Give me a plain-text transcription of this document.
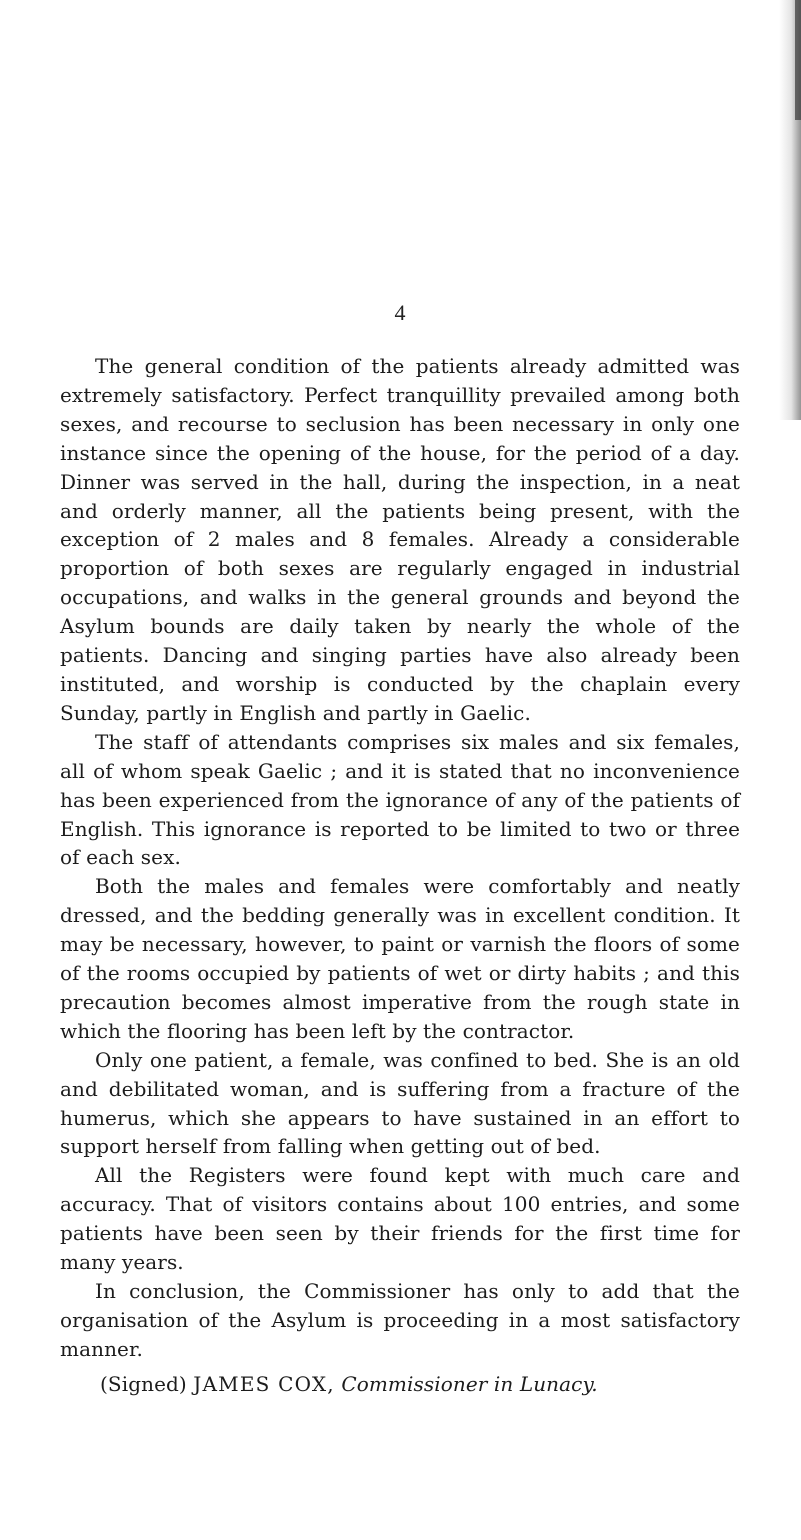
4

The general condition of the patients already admitted was extremely satisfactory. Perfect tranquillity prevailed among both sexes, and recourse to seclusion has been necessary in only one instance since the opening of the house, for the period of a day. Dinner was served in the hall, during the inspection, in a neat and orderly manner, all the patients being present, with the exception of 2 males and 8 females. Already a considerable proportion of both sexes are regularly engaged in industrial occupations, and walks in the general grounds and beyond the Asylum bounds are daily taken by nearly the whole of the patients. Dancing and singing parties have also already been instituted, and worship is conducted by the chaplain every Sunday, partly in English and partly in Gaelic.

The staff of attendants comprises six males and six females, all of whom speak Gaelic ; and it is stated that no inconvenience has been experienced from the ignorance of any of the patients of English. This ignorance is reported to be limited to two or three of each sex.

Both the males and females were comfortably and neatly dressed, and the bedding generally was in excellent condition. It may be necessary, however, to paint or varnish the floors of some of the rooms occupied by patients of wet or dirty habits ; and this precaution becomes almost imperative from the rough state in which the flooring has been left by the contractor.

Only one patient, a female, was confined to bed. She is an old and debilitated woman, and is suffering from a fracture of the humerus, which she appears to have sustained in an effort to support herself from falling when getting out of bed.

All the Registers were found kept with much care and accuracy. That of visitors contains about 100 entries, and some patients have been seen by their friends for the first time for many years.

In conclusion, the Commissioner has only to add that the organisation of the Asylum is proceeding in a most satisfactory manner.

(Signed) JAMES COX, Commissioner in Lunacy.
